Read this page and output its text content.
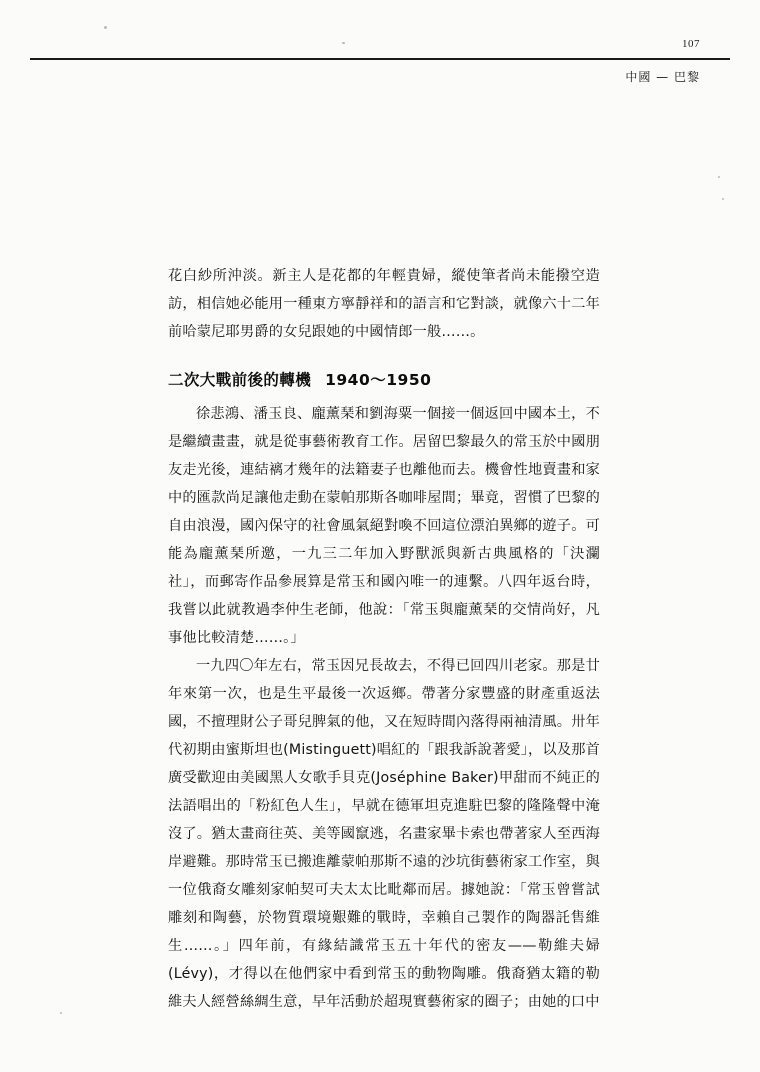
107
中國 — 巴黎

花白紗所沖淡。新主人是花都的年輕貴婦，縱使筆者尚未能撥空造訪，相信她必能用一種東方寧靜祥和的語言和它對談，就像六十二年前哈蒙尼耶男爵的女兒跟她的中國情郎一般……。

二次大戰前後的轉機 1940～1950

徐悲鴻、潘玉良、龐薰琹和劉海粟一個接一個返回中國本土，不是繼續畫畫，就是從事藝術教育工作。居留巴黎最久的常玉於中國朋友走光後，連結褵才幾年的法籍妻子也離他而去。機會性地賣畫和家中的匯款尚足讓他走動在蒙帕那斯各咖啡屋間；畢竟，習慣了巴黎的自由浪漫，國內保守的社會風氣絕對喚不回這位漂泊異鄉的遊子。可能為龐薰琹所邀，一九三二年加入野獸派與新古典風格的「決瀾社」，而郵寄作品參展算是常玉和國內唯一的連繫。八四年返台時，我嘗以此就教過李仲生老師，他說：「常玉與龐薰琹的交情尚好，凡事他比較清楚……。」

一九四〇年左右，常玉因兄長故去，不得已回四川老家。那是廿年來第一次，也是生平最後一次返鄉。帶著分家豐盛的財產重返法國，不擅理財公子哥兒脾氣的他，又在短時間內落得兩袖清風。卅年代初期由蜜斯坦也(Mistinguett)唱紅的「跟我訴說著愛」，以及那首廣受歡迎由美國黑人女歌手貝克(Joséphine Baker)甲甜而不純正的法語唱出的「粉紅色人生」，早就在德軍坦克進駐巴黎的隆隆聲中淹沒了。猶太畫商往英、美等國竄逃，名畫家畢卡索也帶著家人至西海岸避難。那時常玉已搬進離蒙帕那斯不遠的沙坑街藝術家工作室，與一位俄裔女雕刻家帕契可夫太太比毗鄰而居。據她說：「常玉曾嘗試雕刻和陶藝，於物質環境艱難的戰時，幸賴自己製作的陶器託售維生……。」四年前，有緣結識常玉五十年代的密友——勒維夫婦(Lévy)，才得以在他們家中看到常玉的動物陶雕。俄裔猶太籍的勒維夫人經營絲綢生意，早年活動於超現實藝術家的圈子；由她的口中
